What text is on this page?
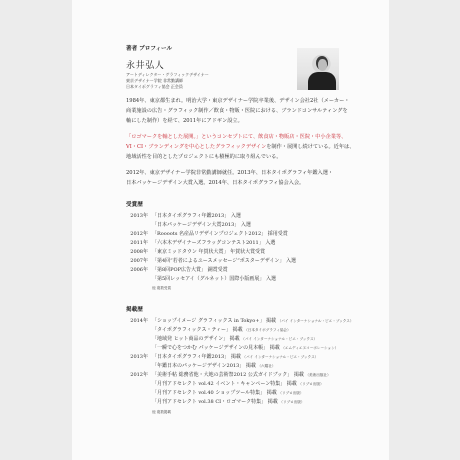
著者 プロフィール
永井弘人
アートディレクター・グラフィックデザイナー
東京デザイナー学院 非常勤講師
日本タイポグラフィ協会 正会員
1984年、東京都生まれ。明治大学・東京デザイナー学院卒業後、デザイン会社2社（メーカー・
商業施設の広告・グラフィック制作／飲食・物販・医院における、ブランドコンサルティングを
軸にした制作）を経て、2011年にアドギン設立。
「ロゴマークを軸とした展開。」というコンセプトにて、飲食店・物販店・医院・中小企業等、
VI・CI・ブランディングを中心としたグラフィックデザインを制作・展開し続けている。近年は、
地域活性を目的としたプロジェクトにも積極的に取り組んでいる。
2012年、東京デザイナー学院非常勤講師就任。2013年、日本タイポグラフィ年鑑入選・
日本パッケージデザイン大賞入選。2014年、日本タイポグラフィ協会入会。
受賞歴
2013年 「日本タイポグラフィ年鑑2013」 入選
「日本パッケージデザイン大賞2013」 入選
2012年 「Roooots 名産品リデザインプロジェクト2012」 採用受賞
2011年 「六本木デザイナーズフラッグコンテスト2011」 入選
2008年 「東京ミッドタウン 年賀状大賞」 年賀状大賞受賞
2007年 「第4回“若者によるユースメッセージ”ポスターデザイン」 入選
2006年 「第8回POP広告大賞」 銅賞受賞
「第5回レッセアイ（グルネット）国際小版画展」 入選
他 複数受賞
掲載歴
2014年 「ショップイメージ グラフィックス in Tokyo+」 掲載 （パイ インターナショナル・ピエ・ブックス）
「タイポグラフィックス・ティー」 掲載 （日本タイポグラフィ協会）
「地域発 ヒット商品のデザイン」 掲載 （パイ インターナショナル・ピエ・ブックス）
「一瞬で心をつかむ パッケージデザインの見本帳」 掲載 （エムディエヌコーポレーション）
2013年 「日本タイポグラフィ年鑑2013」 掲載 （パイ インターナショナル・ピエ・ブックス）
「年鑑日本のパッケージデザイン2013」 掲載 （六耀社）
2012年 「美術手帖 総務省他・大地の芸術祭2012 公式ガイドブック」 掲載 （美術出版社）
「月刊アドセレクト vol.42 イベント・キャンペーン特集」 掲載 （リブロ出版）
「月刊アドセレクト vol.40 ショップツール特集」 掲載 （リブロ出版）
「月刊アドセレクト vol.38 CI・ロゴマーク特集」 掲載 （リブロ出版）
他 複数掲載
